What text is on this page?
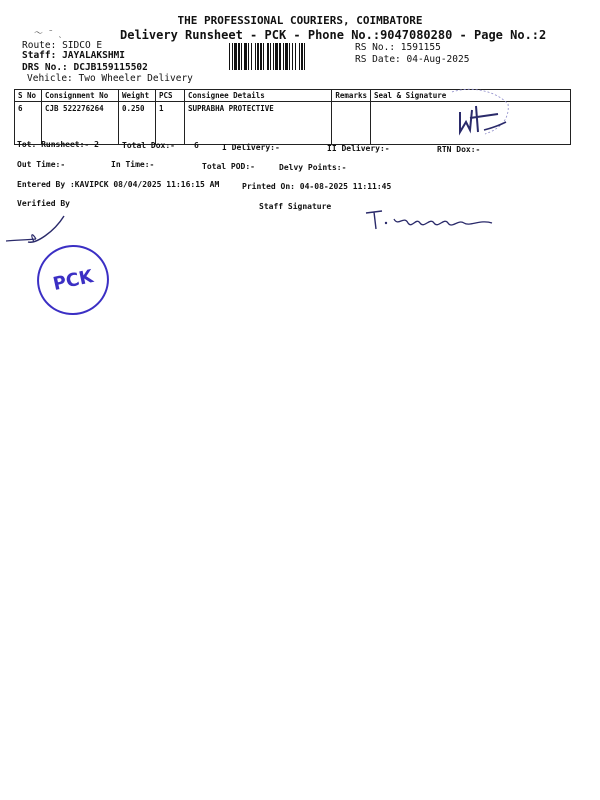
～ ˉ ˎ
THE PROFESSIONAL COURIERS, COIMBATORE
Delivery Runsheet - PCK - Phone No.:9047080280 - Page No.:2
Route: SIDCO E
Staff: JAYALAKSHMI
DRS No.: DCJB159115502
Vehicle: Two Wheeler Delivery
RS No.: 1591155
RS Date: 04-Aug-2025
S No	Consignment No	Weight	PCS	Consignee Details	Remarks	Seal & Signature
6	CJB 522276264	0.250	1	SUPRABHA PROTECTIVE		
Tot. Runsheet:- 2	Total Dox:- 6	I Delivery:-	II Delivery:-	RTN Dox:-
Out Time:-	In Time:-	Total POD:-	Delvy Points:-
Entered By :KAVIPCK 08/04/2025 11:16:15 AM	Printed On: 04-08-2025 11:11:45
Verified By	Staff Signature
PCK
